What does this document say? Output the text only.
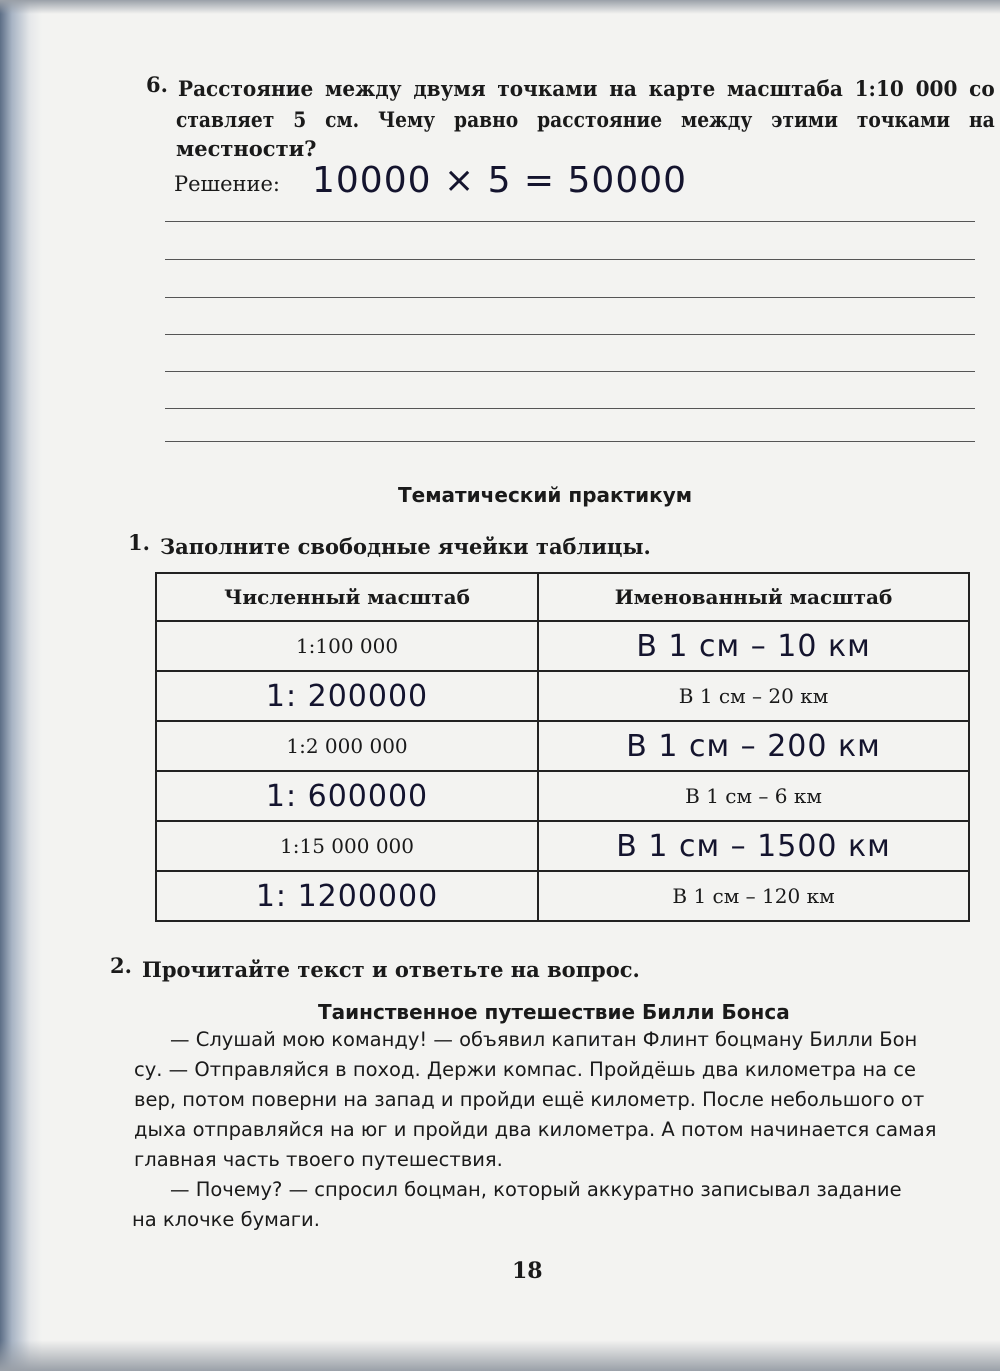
6. Расстояние между двумя точками на карте масштаба 1:10 000 со
ставляет 5 см. Чему равно расстояние между этими точками на
местности?
Решение: 10000 × 5 = 50000
Тематический практикум
1. Заполните свободные ячейки таблицы.
Численный масштаб	Именованный масштаб
1:100 000	В 1 см – 10 км
1: 200000	В 1 см – 20 км
1:2 000 000	В 1 см – 200 км
1: 600000	В 1 см – 6 км
1:15 000 000	В 1 см – 1500 км
1: 1200000	В 1 см – 120 км
2. Прочитайте текст и ответьте на вопрос.
Таинственное путешествие Билли Бонса
— Слушай мою команду! — объявил капитан Флинт боцману Билли Бон
су. — Отправляйся в поход. Держи компас. Пройдёшь два километра на се
вер, потом поверни на запад и пройди ещё километр. После небольшого от
дыха отправляйся на юг и пройди два километра. А потом начинается самая
главная часть твоего путешествия.
— Почему? — спросил боцман, который аккуратно записывал задание
на клочке бумаги.
18
